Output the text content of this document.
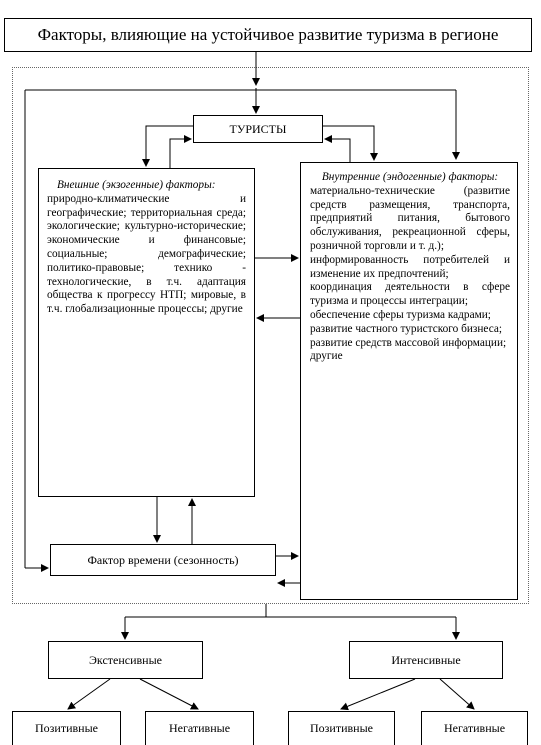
Факторы, влияющие на устойчивое развитие туризма в регионе
ТУРИСТЫ
Внешние (экзогенные) факторы:
природно-климатические и географические; территориальная среда; экологические; культурно-исторические; экономические и финансовые; социальные; демографические; политико-правовые; технико - технологические, в т.ч. адаптация общества к прогрессу НТП; мировые, в т.ч. глобализационные процессы; другие
Внутренние (эндогенные) факторы:
материально-технические (развитие средств размещения, транспорта, предприятий питания, бытового обслуживания, рекреационной сферы, розничной торговли и т. д.);
информированность потребителей и изменение их предпочтений;
координация деятельности в сфере туризма и процессы интеграции;
обеспечение сферы туризма кадрами;
развитие частного туристского бизнеса;
развитие средств массовой информации;
другие
Фактор времени (сезонность)
Экстенсивные	Интенсивные
Позитивные	Негативные	Позитивные	Негативные
